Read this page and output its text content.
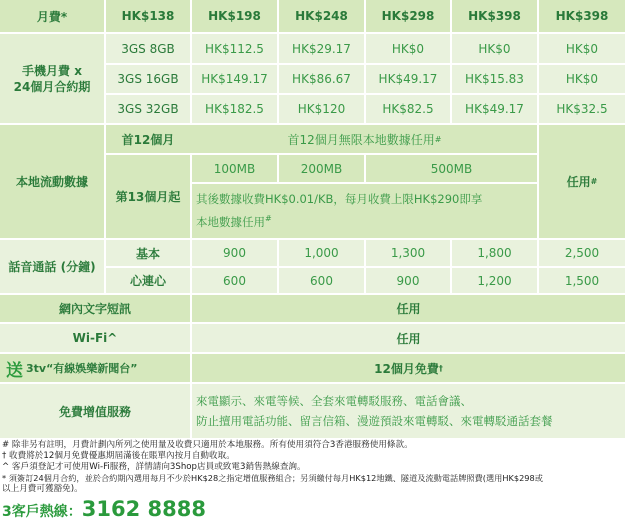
月費*	HK$138	HK$198	HK$248	HK$298	HK$398	HK$398
手機月費 x
24個月合約期
3GS 8GB	HK$112.5	HK$29.17	HK$0	HK$0	HK$0
3GS 16GB	HK$149.17	HK$86.67	HK$49.17	HK$15.83	HK$0
3GS 32GB	HK$182.5	HK$120	HK$82.5	HK$49.17	HK$32.5
本地流動數據
首12個月	首12個月無限本地數據任用 #
第13個月起
100MB	200MB	500MB
其後數據收費HK$0.01/KB，每月收費上限HK$290即享
本地數據任用#
任用 #
話音通話 (分鐘)
基本	900	1,000	1,300	1,800	2,500
心連心	600	600	900	1,200	1,500
網內文字短訊	任用
Wi-Fi^	任用
送 3tv“有線娛樂新聞台”	12個月免費 †
免費增值服務
來電顯示、來電等候、全套來電轉駁服務、電話會議、
防止擅用電話功能、留言信箱、漫遊預設來電轉駁、來電轉駁通話套餐
# 除非另有註明，月費計劃內所列之使用量及收費只適用於本地服務。所有使用須符合3香港服務使用條款。
† 收費將於12個月免費優惠期屆滿後在賬單內按月自動收取。
^ 客戶須登記才可使用Wi-Fi服務，詳情請向3Shop店員或致電3銷售熱線查詢。
* 須簽訂24個月合約，並於合約期內選用每月不少於HK$28之指定增值服務組合；另須繳付每月HK$12地鐵、隧道及流動電話牌照費(選用HK$298或
以上月費可獲豁免)。
3客戶熱線： 3162 8888
